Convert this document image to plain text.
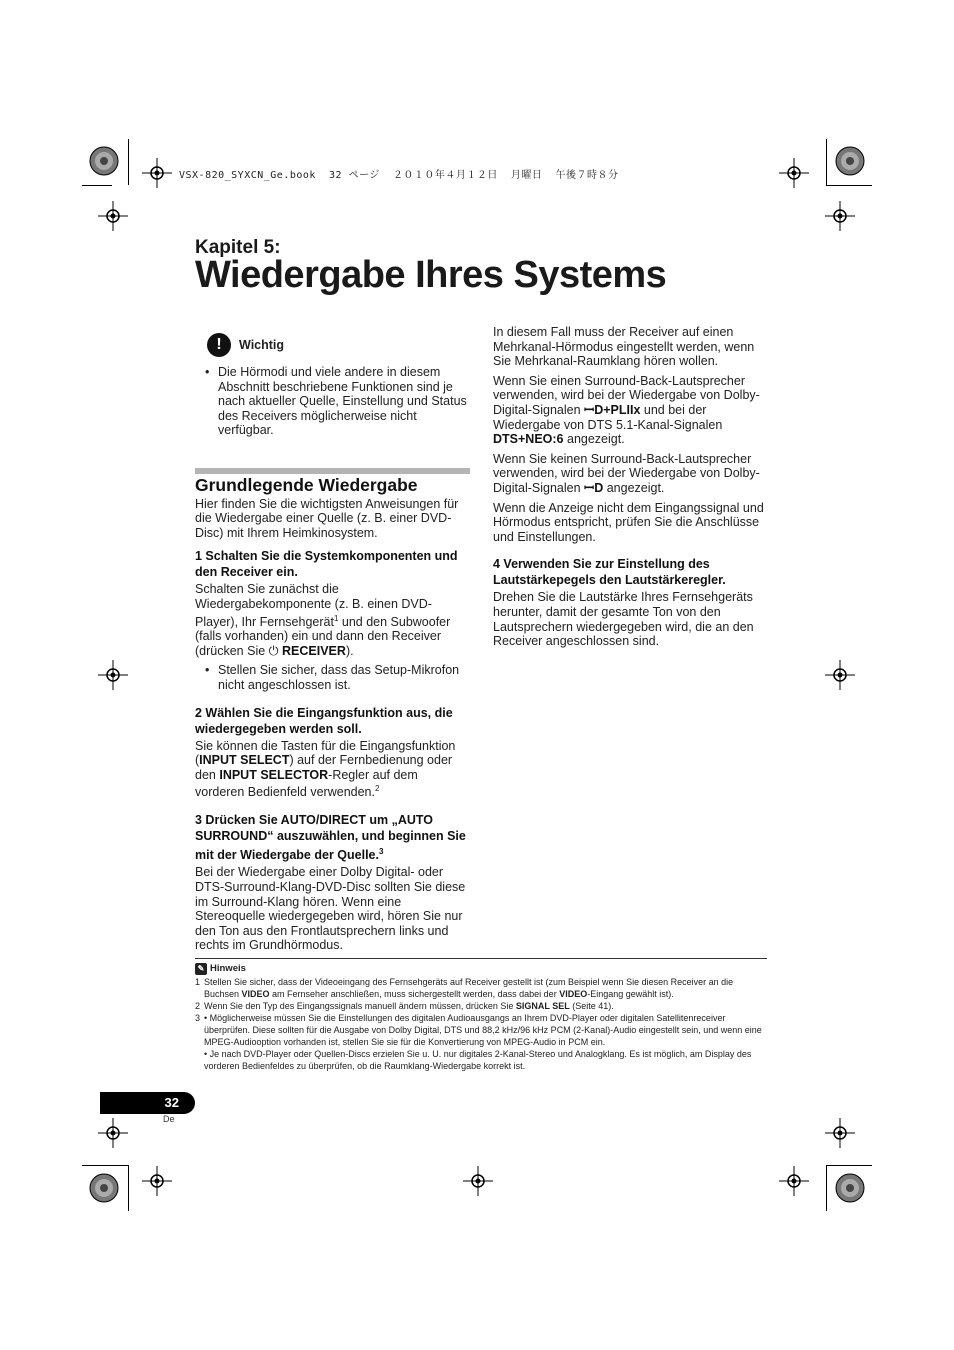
VSX-820_SYXCN_Ge.book  32 ページ  ２０１０年４月１２日  月曜日  午後７時８分
Kapitel 5:
Wiedergabe Ihres Systems
!	Wichtig

• Die Hörmodi und viele andere in diesem Abschnitt beschriebene Funktionen sind je nach aktueller Quelle, Einstellung und Status des Receivers möglicherweise nicht verfügbar.

Grundlegende Wiedergabe

Hier finden Sie die wichtigsten Anweisungen für die Wiedergabe einer Quelle (z. B. einer DVD-Disc) mit Ihrem Heimkinosystem.

1 Schalten Sie die Systemkomponenten und den Receiver ein.

Schalten Sie zunächst die Wiedergabekomponente (z. B. einen DVD-Player), Ihr Fernsehgerät$^1$ und den Subwoofer (falls vorhanden) ein und dann den Receiver (drücken Sie ⏻ RECEIVER).

• Stellen Sie sicher, dass das Setup-Mikrofon nicht angeschlossen ist.

2 Wählen Sie die Eingangsfunktion aus, die wiedergegeben werden soll.

Sie können die Tasten für die Eingangsfunktion (INPUT SELECT) auf der Fernbedienung oder den INPUT SELECTOR-Regler auf dem vorderen Bedienfeld verwenden.$^2$

3 Drücken Sie AUTO/DIRECT um „AUTO SURROUND“ auszuwählen, und beginnen Sie mit der Wiedergabe der Quelle.$^3$

Bei der Wiedergabe einer Dolby Digital- oder DTS-Surround-Klang-DVD-Disc sollten Sie diese im Surround-Klang hören. Wenn eine Stereoquelle wiedergegeben wird, hören Sie nur den Ton aus den Frontlautsprechern links und rechts im Grundhörmodus.

In diesem Fall muss der Receiver auf einen Mehrkanal-Hörmodus eingestellt werden, wenn Sie Mehrkanal-Raumklang hören wollen.

Wenn Sie einen Surround-Back-Lautsprecher verwenden, wird bei der Wiedergabe von Dolby-Digital-Signalen ꟷD+PLIIx und bei der Wiedergabe von DTS 5.1-Kanal-Signalen DTS+NEO:6 angezeigt.

Wenn Sie keinen Surround-Back-Lautsprecher verwenden, wird bei der Wiedergabe von Dolby-Digital-Signalen ꟷD angezeigt.

Wenn die Anzeige nicht dem Eingangssignal und Hörmodus entspricht, prüfen Sie die Anschlüsse und Einstellungen.

4 Verwenden Sie zur Einstellung des Lautstärkepegels den Lautstärkeregler.

Drehen Sie die Lautstärke Ihres Fernsehgeräts herunter, damit der gesamte Ton von den Lautsprechern wiedergegeben wird, die an den Receiver angeschlossen sind.

✎ Hinweis
1 Stellen Sie sicher, dass der Videoeingang des Fernsehgeräts auf Receiver gestellt ist (zum Beispiel wenn Sie diesen Receiver an die Buchsen VIDEO am Fernseher anschließen, muss sichergestellt werden, dass dabei der VIDEO-Eingang gewählt ist).
2 Wenn Sie den Typ des Eingangssignals manuell ändern müssen, drücken Sie SIGNAL SEL (Seite 41).
3 • Möglicherweise müssen Sie die Einstellungen des digitalen Audioausgangs an Ihrem DVD-Player oder digitalen Satellitenreceiver überprüfen. Diese sollten für die Ausgabe von Dolby Digital, DTS und 88,2 kHz/96 kHz PCM (2-Kanal)-Audio eingestellt sein, und wenn eine MPEG-Audiooption vorhanden ist, stellen Sie sie für die Konvertierung von MPEG-Audio in PCM ein.
• Je nach DVD-Player oder Quellen-Discs erzielen Sie u. U. nur digitales 2-Kanal-Stereo und Analogklang. Es ist möglich, am Display des vorderen Bedienfeldes zu überprüfen, ob die Raumklang-Wiedergabe korrekt ist.
32
De
